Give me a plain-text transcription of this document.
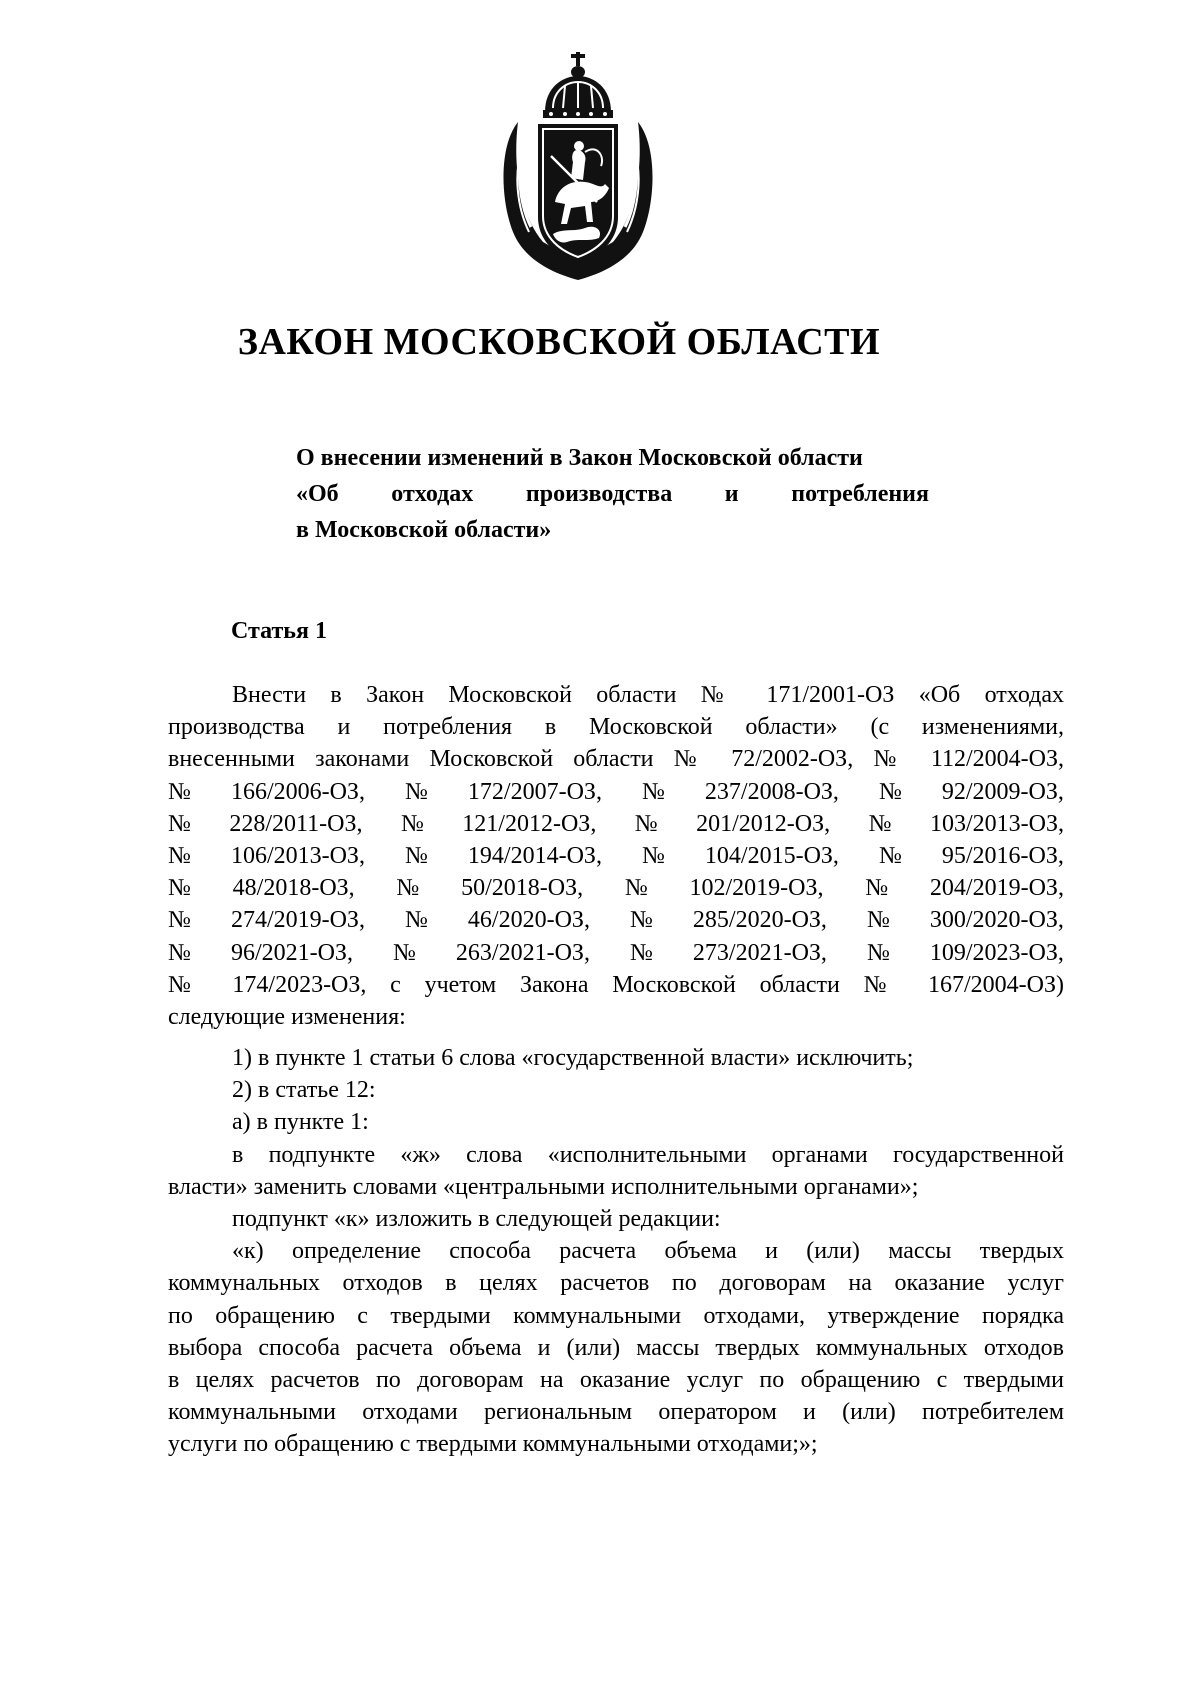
ЗАКОН МОСКОВСКОЙ ОБЛАСТИ
О внесении изменений в Закон Московской области
«Об отходах производства и потребления
в Московской области»
Статья 1
Внести в Закон Московской области № 171/2001-ОЗ «Об отходах
производства и потребления в Московской области» (с изменениями,
внесенными законами Московской области № 72/2002-ОЗ, № 112/2004-ОЗ,
№ 166/2006-ОЗ, № 172/2007-ОЗ, № 237/2008-ОЗ, № 92/2009-ОЗ,
№ 228/2011-ОЗ, № 121/2012-ОЗ, № 201/2012-ОЗ, № 103/2013-ОЗ,
№ 106/2013-ОЗ, № 194/2014-ОЗ, № 104/2015-ОЗ, № 95/2016-ОЗ,
№ 48/2018-ОЗ, № 50/2018-ОЗ, № 102/2019-ОЗ, № 204/2019-ОЗ,
№ 274/2019-ОЗ, № 46/2020-ОЗ, № 285/2020-ОЗ, № 300/2020-ОЗ,
№ 96/2021-ОЗ, № 263/2021-ОЗ, № 273/2021-ОЗ, № 109/2023-ОЗ,
№ 174/2023-ОЗ, с учетом Закона Московской области № 167/2004-ОЗ)
следующие изменения:
1) в пункте 1 статьи 6 слова «государственной власти» исключить;
2) в статье 12:
а) в пункте 1:
в подпункте «ж» слова «исполнительными органами государственной
власти» заменить словами «центральными исполнительными органами»;
подпункт «к» изложить в следующей редакции:
«к) определение способа расчета объема и (или) массы твердых
коммунальных отходов в целях расчетов по договорам на оказание услуг
по обращению с твердыми коммунальными отходами, утверждение порядка
выбора способа расчета объема и (или) массы твердых коммунальных отходов
в целях расчетов по договорам на оказание услуг по обращению с твердыми
коммунальными отходами региональным оператором и (или) потребителем
услуги по обращению с твердыми коммунальными отходами;»;
